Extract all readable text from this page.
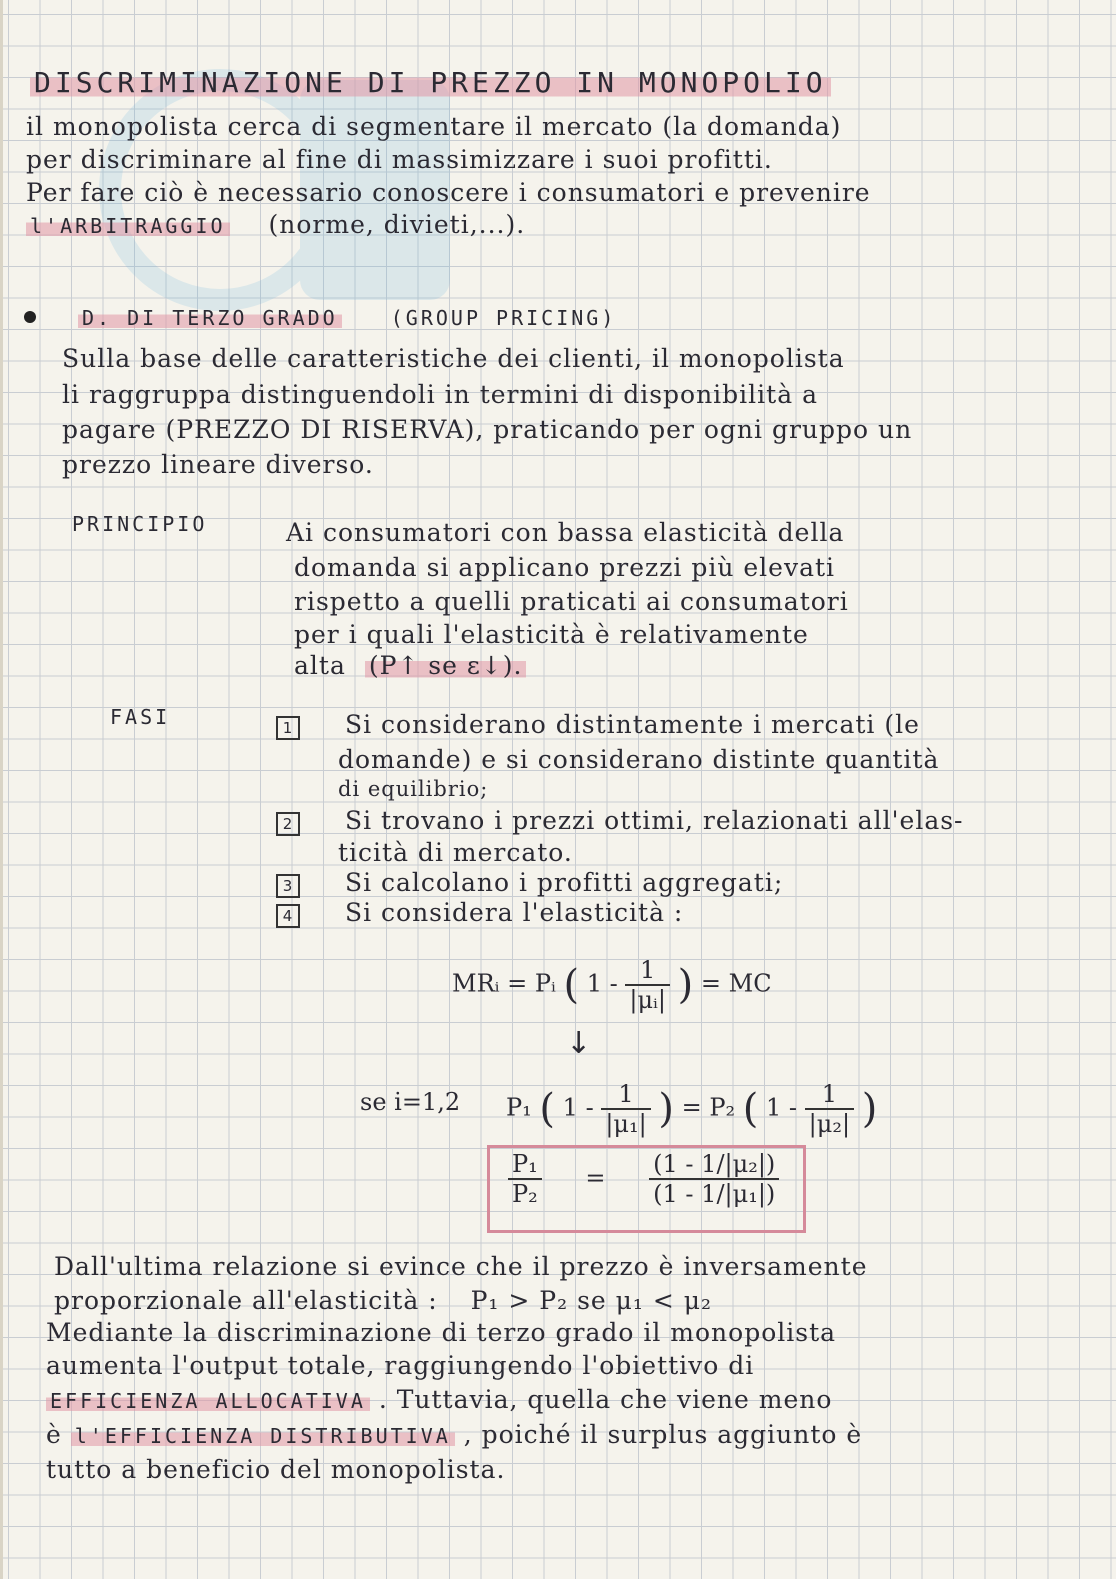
DISCRIMINAZIONE DI PREZZO IN MONOPOLIO
il monopolista cerca di segmentare il mercato (la domanda)
per discriminare al fine di massimizzare i suoi profitti.
Per fare ciò è necessario conoscere i consumatori e prevenire
l'ARBITRAGGIO (norme, divieti,...).
D. DI TERZO GRADO	(GROUP PRICING)
Sulla base delle caratteristiche dei clienti, il monopolista
li raggruppa distinguendoli in termini di disponibilità a
pagare (PREZZO DI RISERVA), praticando per ogni gruppo un
prezzo lineare diverso.
PRINCIPIO	Ai consumatori con bassa elasticità della
domanda si applicano prezzi più elevati
rispetto a quelli praticati ai consumatori
per i quali l'elasticità è relativamente
alta (P↑ se ε↓).
FASI	1 Si considerano distintamente i mercati (le
domande) e si considerano distinte quantità
di equilibrio;
2 Si trovano i prezzi ottimi, relazionati all'elas-
ticità di mercato.
3 Si calcolano i profitti aggregati;
4 Si considera l'elasticità :
MRᵢ = Pᵢ ( $1 - \frac{1}{\text{|μᵢ|}}$ ) = MC
↓
se i=1,2 P₁ ( $1 - \frac{1}{\text{|μ₁|}}$ ) = P₂ ( $1 - \frac{1}{\text{|μ₂|}}$ )
$\frac{\text{P₁}}{\text{P₂}} = \frac{\text{(1 - 1/|μ₂|)}}{\text{(1 - 1/|μ₁|)}}$
Dall'ultima relazione si evince che il prezzo è inversamente
proporzionale all'elasticità : P₁ > P₂ se μ₁ < μ₂
Mediante la discriminazione di terzo grado il monopolista
aumenta l'output totale, raggiungendo l'obiettivo di
EFFICIENZA ALLOCATIVA . Tuttavia, quella che viene meno
è l'EFFICIENZA DISTRIBUTIVA , poiché il surplus aggiunto è
tutto a beneficio del monopolista.
